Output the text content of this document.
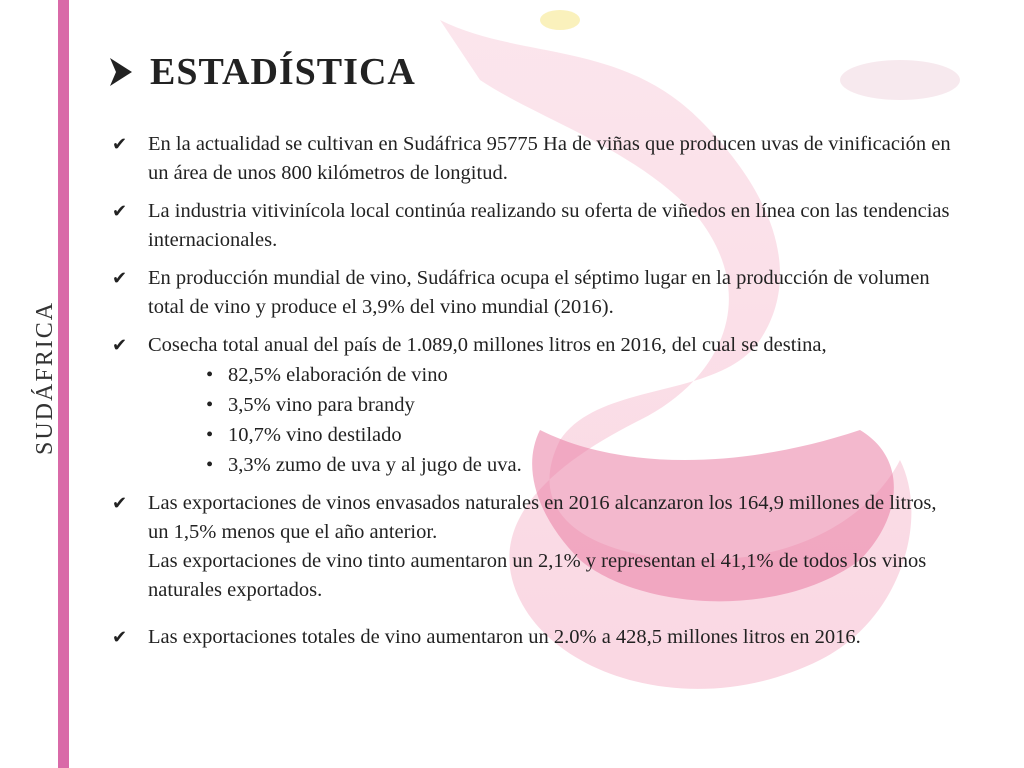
SUDÁFRICA
ESTADÍSTICA
✔ En la actualidad se cultivan en Sudáfrica 95775 Ha de viñas que producen uvas de vinificación en un área de unos 800 kilómetros de longitud.
✔ La industria vitivinícola local continúa realizando su oferta de viñedos en línea con las tendencias internacionales.
✔ En producción mundial de vino, Sudáfrica ocupa el séptimo lugar en la producción de volumen total de vino y produce el 3,9% del vino mundial (2016).
✔ Cosecha total anual del país de 1.089,0 millones litros en 2016, del cual se destina,
• 82,5% elaboración de vino
• 3,5% vino para brandy
• 10,7% vino destilado
• 3,3% zumo de uva y al jugo de uva.
✔ Las exportaciones de vinos envasados naturales en 2016 alcanzaron los 164,9 millones de litros, un 1,5% menos que el año anterior.
Las exportaciones de vino tinto aumentaron un 2,1% y representan el 41,1% de todos los vinos naturales exportados.
✔ Las exportaciones totales de vino aumentaron un 2.0% a 428,5 millones litros en 2016.
